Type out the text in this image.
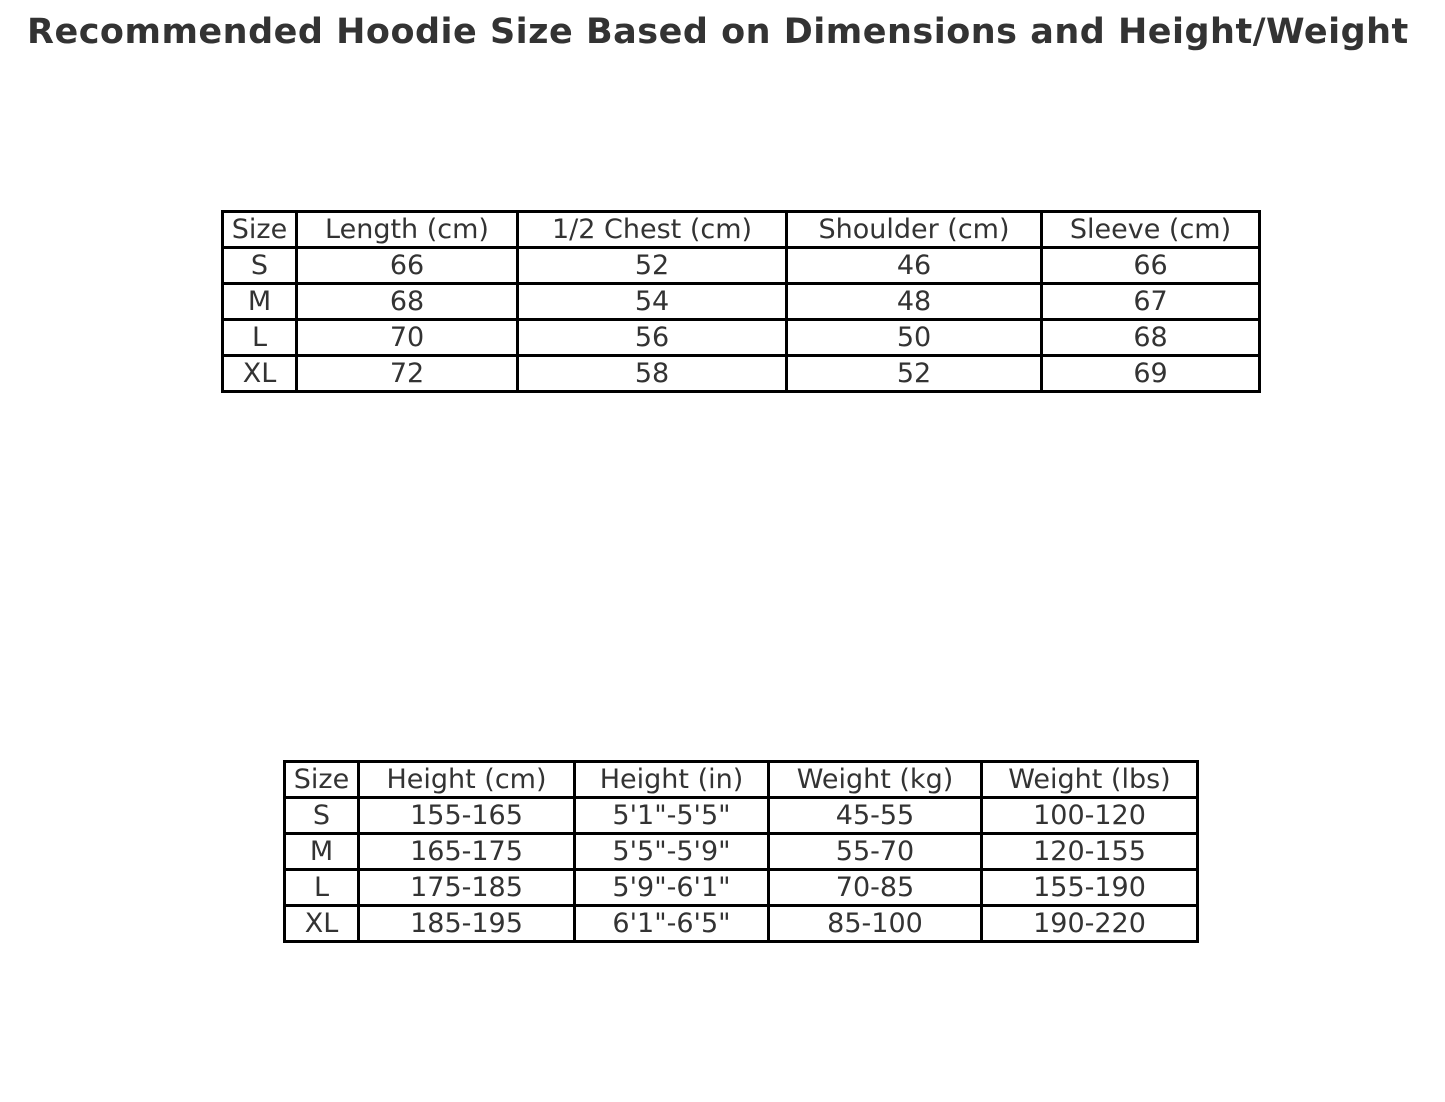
Recommended Hoodie Size Based on Dimensions and Height/Weight
Size	Length (cm)	1/2 Chest (cm)	Shoulder (cm)	Sleeve (cm)
S	66	52	46	66
M	68	54	48	67
L	70	56	50	68
XL	72	58	52	69
Size	Height (cm)	Height (in)	Weight (kg)	Weight (lbs)
S	155-165	5'1"-5'5"	45-55	100-120
M	165-175	5'5"-5'9"	55-70	120-155
L	175-185	5'9"-6'1"	70-85	155-190
XL	185-195	6'1"-6'5"	85-100	190-220
